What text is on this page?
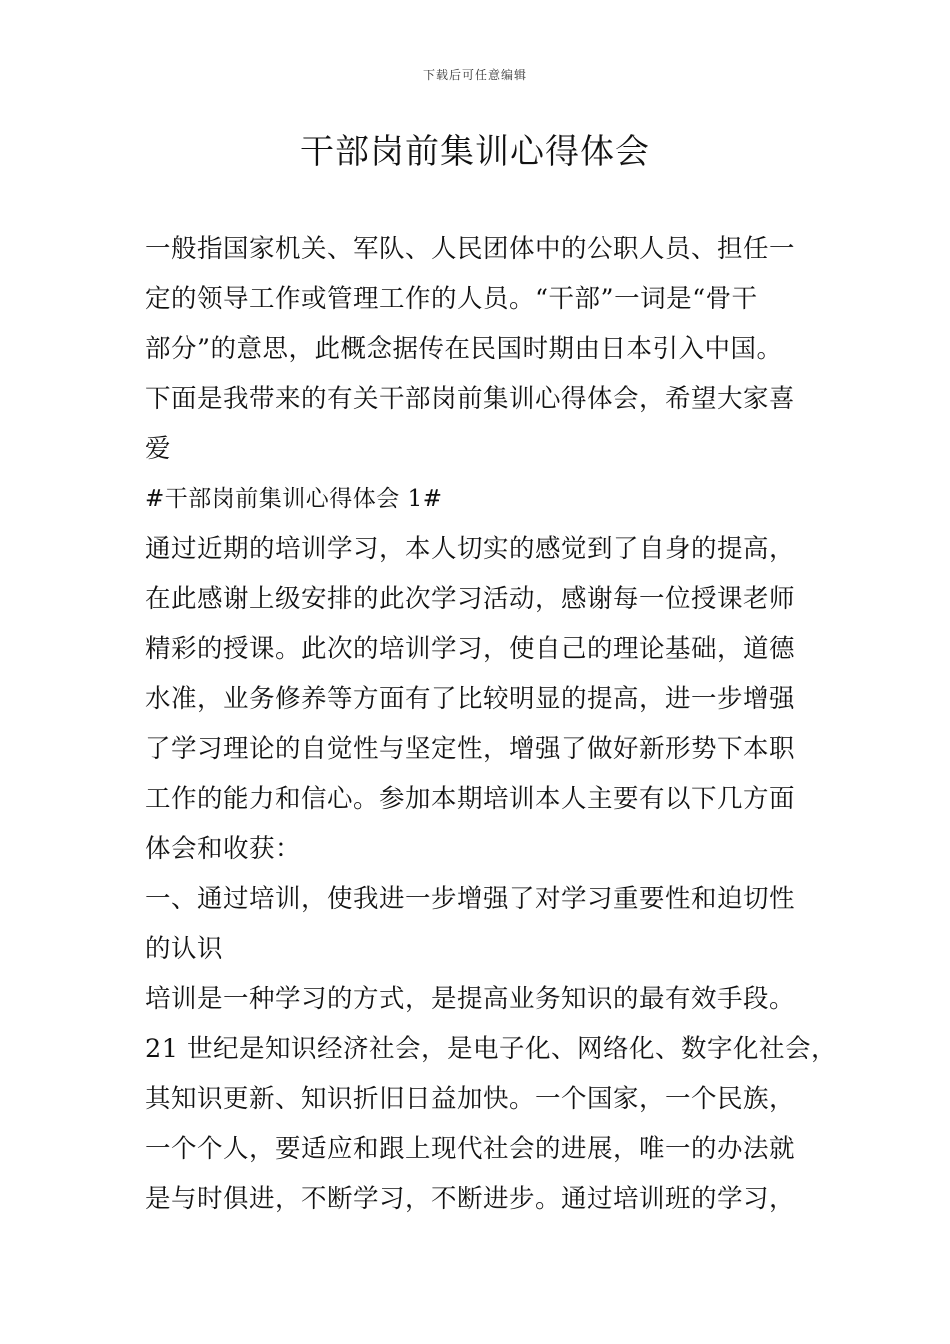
下载后可任意编辑
干部岗前集训心得体会
一般指国家机关、军队、人民团体中的公职人员、担任一
定的领导工作或管理工作的人员。“干部”一词是“骨干
部分”的意思，此概念据传在民国时期由日本引入中国。
下面是我带来的有关干部岗前集训心得体会，希望大家喜
爱
#干部岗前集训心得体会 1#
通过近期的培训学习，本人切实的感觉到了自身的提高，
在此感谢上级安排的此次学习活动，感谢每一位授课老师
精彩的授课。此次的培训学习，使自己的理论基础，道德
水准，业务修养等方面有了比较明显的提高，进一步增强
了学习理论的自觉性与坚定性，增强了做好新形势下本职
工作的能力和信心。参加本期培训本人主要有以下几方面
体会和收获：
一、通过培训，使我进一步增强了对学习重要性和迫切性
的认识
培训是一种学习的方式，是提高业务知识的最有效手段。
21 世纪是知识经济社会，是电子化、网络化、数字化社会，
其知识更新、知识折旧日益加快。一个国家，一个民族，
一个个人，要适应和跟上现代社会的进展，唯一的办法就
是与时俱进，不断学习，不断进步。通过培训班的学习，
